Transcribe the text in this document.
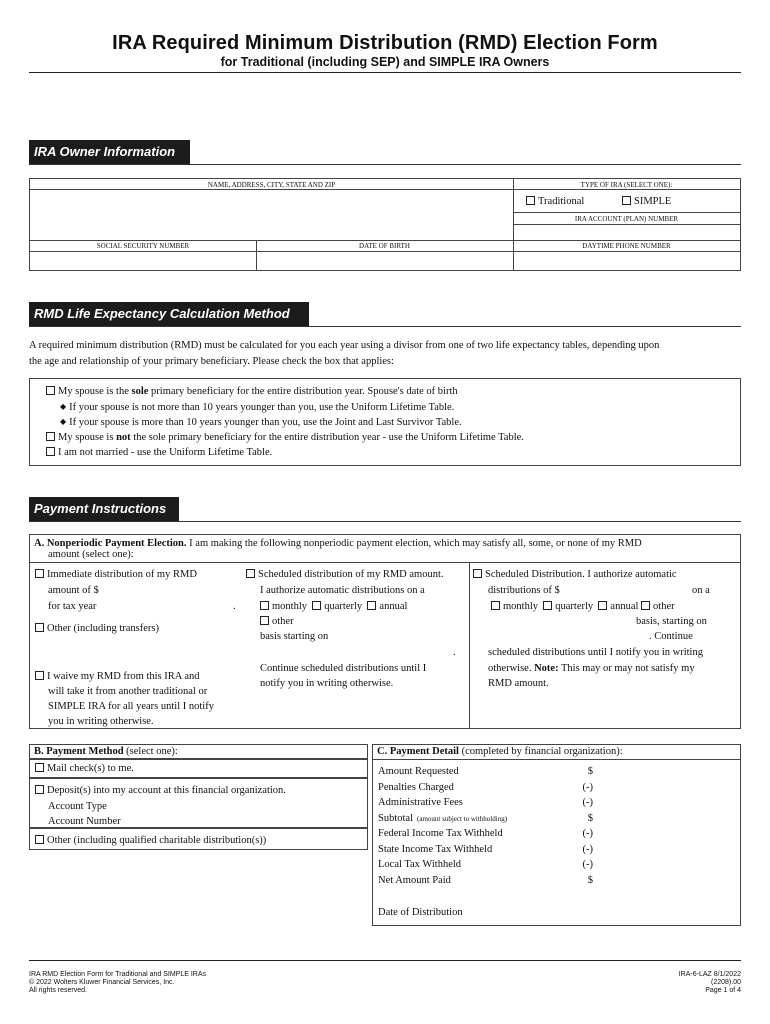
IRA Required Minimum Distribution (RMD) Election Form
for Traditional (including SEP) and SIMPLE IRA Owners
IRA Owner Information
NAME, ADDRESS, CITY, STATE AND ZIP	TYPE OF IRA (SELECT ONE):
Traditional	SIMPLE
IRA ACCOUNT (PLAN) NUMBER
SOCIAL SECURITY NUMBER	DATE OF BIRTH	DAYTIME PHONE NUMBER
RMD Life Expectancy Calculation Method
A required minimum distribution (RMD) must be calculated for you each year using a divisor from one of two life expectancy tables, depending upon
the age and relationship of your primary beneficiary. Please check the box that applies:
My spouse is the sole primary beneficiary for the entire distribution year. Spouse's date of birth
◆ If your spouse is not more than 10 years younger than you, use the Uniform Lifetime Table.
◆ If your spouse is more than 10 years younger than you, use the Joint and Last Survivor Table.
My spouse is not the sole primary beneficiary for the entire distribution year - use the Uniform Lifetime Table.
I am not married - use the Uniform Lifetime Table.
Payment Instructions
A. Nonperiodic Payment Election. I am making the following nonperiodic payment election, which may satisfy all, some, or none of my RMD
amount (select one):
Immediate distribution of my RMD
amount of $
for tax year	.
Other (including transfers)
I waive my RMD from this IRA and
will take it from another traditional or
SIMPLE IRA for all years until I notify
you in writing otherwise.
Scheduled distribution of my RMD amount.
I authorize automatic distributions on a
monthly quarterly annual
other
basis starting on
.
Continue scheduled distributions until I
notify you in writing otherwise.
Scheduled Distribution. I authorize automatic
distributions of $	on a
monthly quarterly annual other
basis, starting on
. Continue
scheduled distributions until I notify you in writing
otherwise. Note: This may or may not satisfy my
RMD amount.
B. Payment Method (select one):
Mail check(s) to me.
Deposit(s) into my account at this financial organization.
Account Type
Account Number
Other (including qualified charitable distribution(s))
C. Payment Detail (completed by financial organization):
Amount Requested	$
Penalties Charged	(-)
Administrative Fees	(-)
Subtotal (amount subject to withholding)	$
Federal Income Tax Withheld	(-)
State Income Tax Withheld	(-)
Local Tax Withheld	(-)
Net Amount Paid	$
Date of Distribution
IRA RMD Election Form for Traditional and SIMPLE IRAs
© 2022 Wolters Kluwer Financial Services, Inc.
All rights reserved.
IRA-6-LAZ 8/1/2022
(2208).00
Page 1 of 4
